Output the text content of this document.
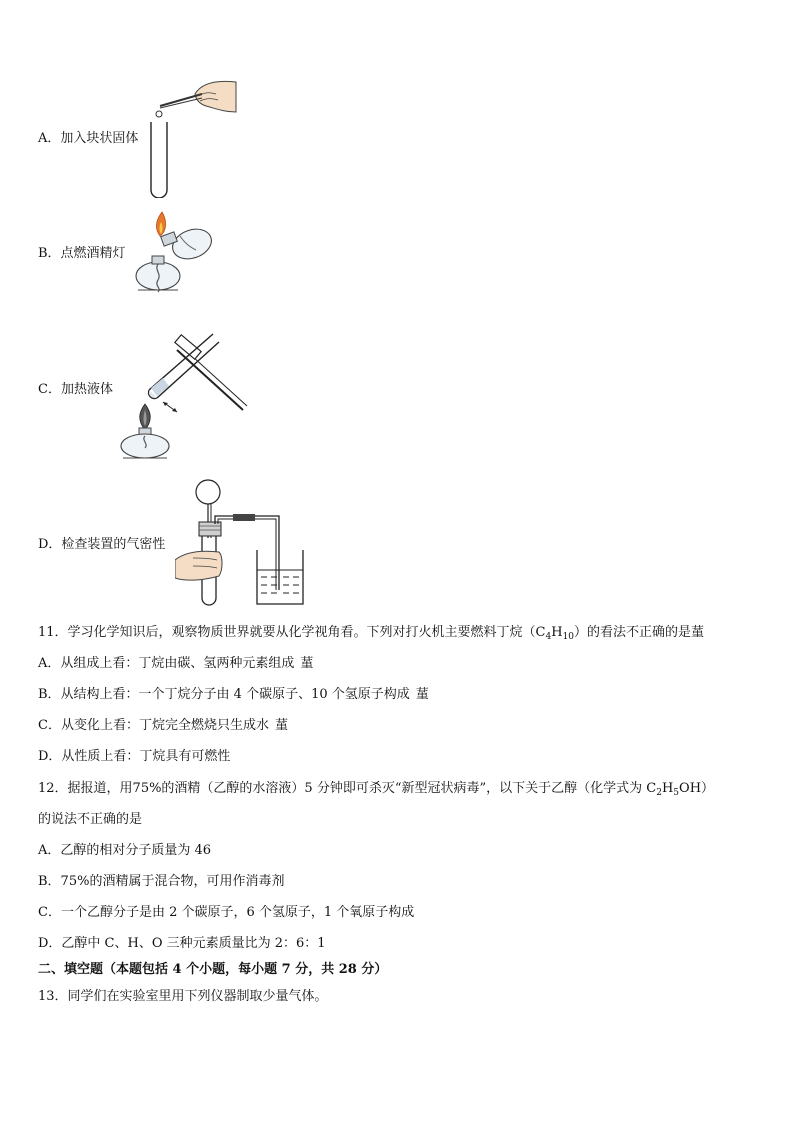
A．加入块状固体
B．点燃酒精灯
C．加热液体
D．检查装置的气密性
11．学习化学知识后，观察物质世界就要从化学视角看。下列对打火机主要燃料丁烷$(C_4H_{10})$的看法不正确的是蓳
A．从组成上看：丁烷由碳、氢两种元素组成 蓳
B．从结构上看：一个丁烷分子由 4 个碳原子、10 个氢原子构成 蓳
C．从变化上看：丁烷完全燃烧只生成水 蓳
D．从性质上看：丁烷具有可燃性
12．据报道，用75%的酒精（乙醇的水溶液）5 分钟即可杀灭“新型冠状病毒”，以下关于乙醇（化学式为 $C_2H_5OH$）
的说法不正确的是
A．乙醇的相对分子质量为 46
B．75%的酒精属于混合物，可用作消毒剂
C．一个乙醇分子是由 2 个碳原子，6 个氢原子，1 个氧原子构成
D．乙醇中 C、H、O 三种元素质量比为 2：6：1
二、填空题（本题包括 4 个小题，每小题 7 分，共 28 分）
13．同学们在实验室里用下列仪器制取少量气体。
